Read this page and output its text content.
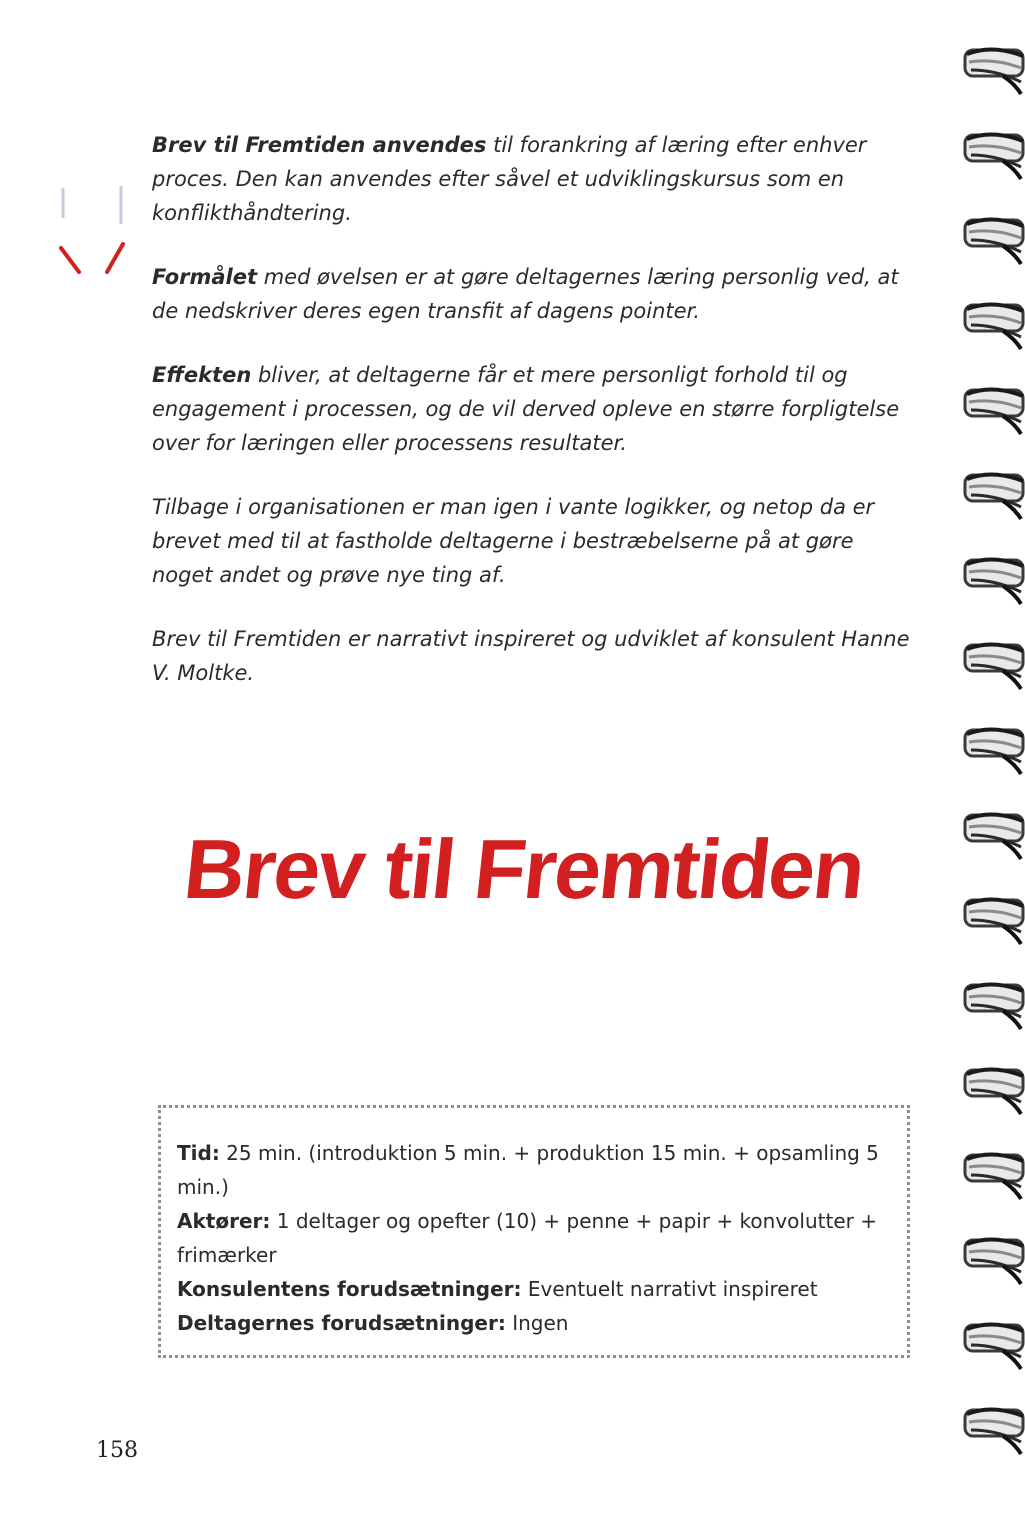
Brev til Fremtiden anvendes til forankring af læring efter enhver proces. Den kan anvendes efter såvel et udviklingskursus som en konflikthåndtering.

Formålet med øvelsen er at gøre deltagernes læring personlig ved, at de nedskriver deres egen transfit af dagens pointer.

Effekten bliver, at deltagerne får et mere personligt forhold til og engagement i processen, og de vil derved opleve en større forpligtelse over for læringen eller processens resultater.

Tilbage i organisationen er man igen i vante logikker, og netop da er brevet med til at fastholde deltagerne i bestræbelserne på at gøre noget andet og prøve nye ting af.

Brev til Fremtiden er narrativt inspireret og udviklet af konsulent Hanne V. Moltke.

Brev til Fremtiden
Tid: 25 min. (introduktion 5 min. + produktion 15 min. + opsamling 5 min.)
Aktører: 1 deltager og opefter (10) + penne + papir + konvolutter + frimærker
Konsulentens forudsætninger: Eventuelt narrativt inspireret
Deltagernes forudsætninger: Ingen
158
